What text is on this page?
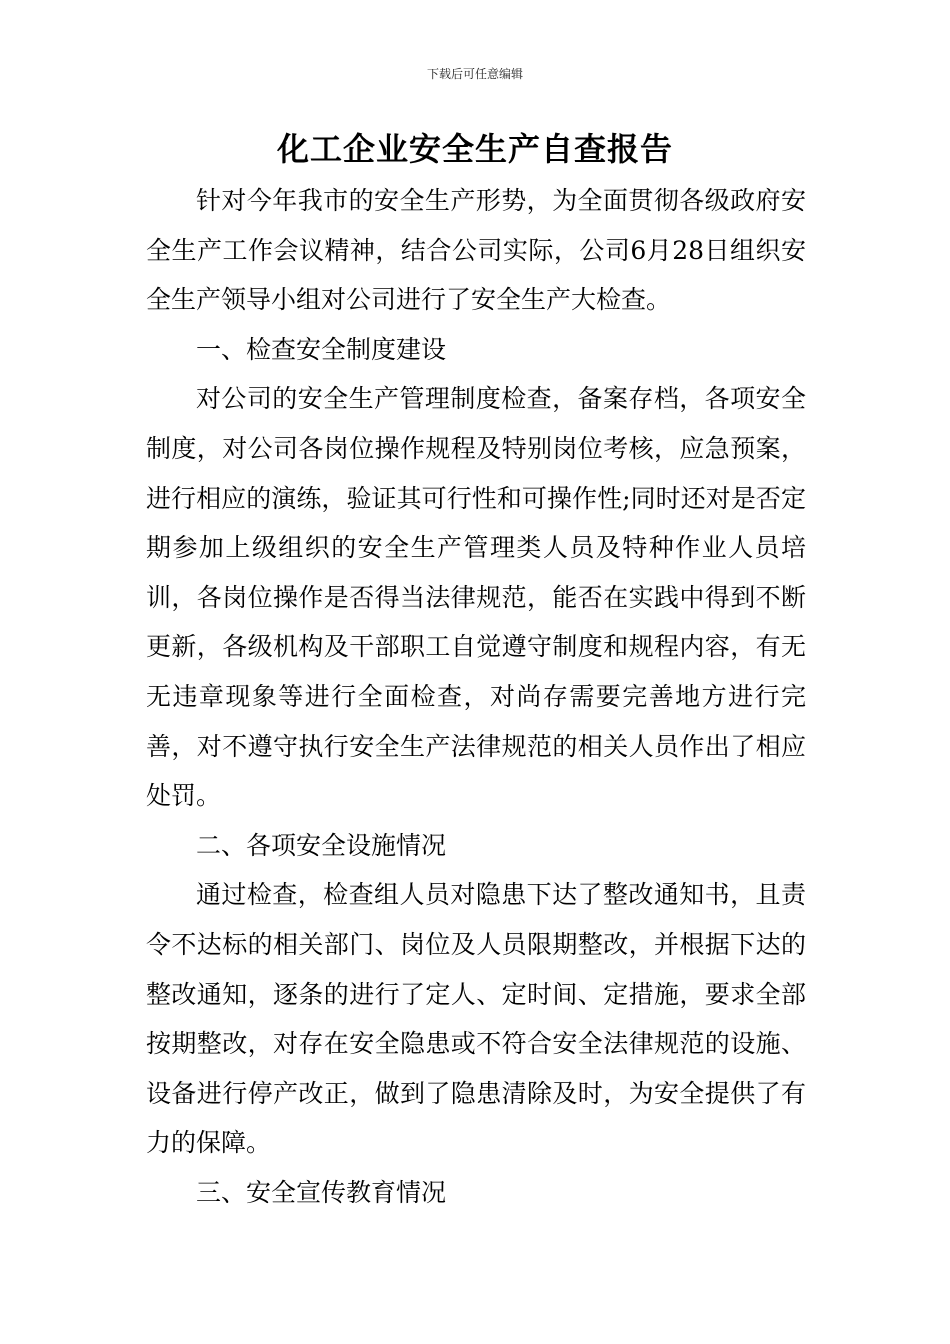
下载后可任意编辑
化工企业安全生产自查报告

针对今年我市的安全生产形势，为全面贯彻各级政府安全生产工作会议精神，结合公司实际，公司6月28日组织安全生产领导小组对公司进行了安全生产大检查。

一、检查安全制度建设

对公司的安全生产管理制度检查，备案存档，各项安全制度，对公司各岗位操作规程及特别岗位考核，应急预案，进行相应的演练，验证其可行性和可操作性;同时还对是否定期参加上级组织的安全生产管理类人员及特种作业人员培训，各岗位操作是否得当法律规范，能否在实践中得到不断更新，各级机构及干部职工自觉遵守制度和规程内容，有无无违章现象等进行全面检查，对尚存需要完善地方进行完善，对不遵守执行安全生产法律规范的相关人员作出了相应处罚。

二、各项安全设施情况

通过检查，检查组人员对隐患下达了整改通知书，且责令不达标的相关部门、岗位及人员限期整改，并根据下达的整改通知，逐条的进行了定人、定时间、定措施，要求全部按期整改，对存在安全隐患或不符合安全法律规范的设施、设备进行停产改正，做到了隐患清除及时，为安全提供了有力的保障。

三、安全宣传教育情况
